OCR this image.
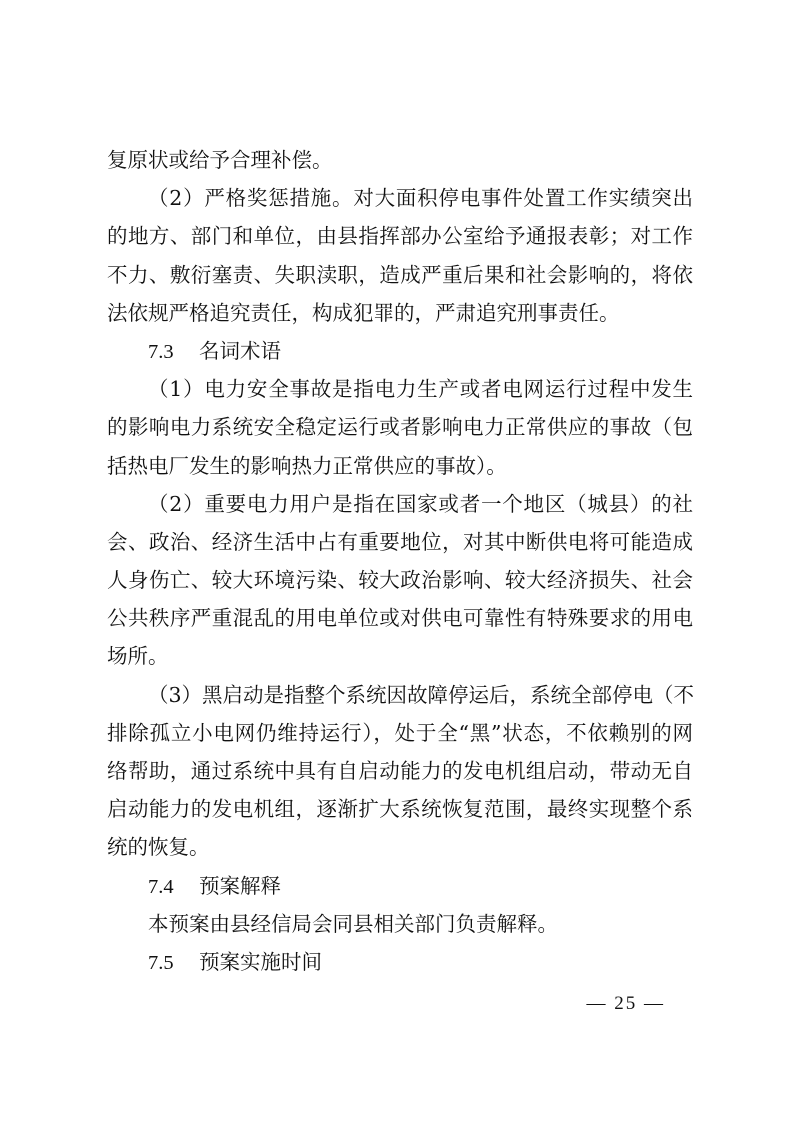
复原状或给予合理补偿。
（2）严格奖惩措施。对大面积停电事件处置工作实绩突出
的地方、部门和单位，由县指挥部办公室给予通报表彰；对工作
不力、敷衍塞责、失职渎职，造成严重后果和社会影响的，将依
法依规严格追究责任，构成犯罪的，严肃追究刑事责任。
7.3 名词术语
（1）电力安全事故是指电力生产或者电网运行过程中发生
的影响电力系统安全稳定运行或者影响电力正常供应的事故（包
括热电厂发生的影响热力正常供应的事故）。
（2）重要电力用户是指在国家或者一个地区（城县）的社
会、政治、经济生活中占有重要地位，对其中断供电将可能造成
人身伤亡、较大环境污染、较大政治影响、较大经济损失、社会
公共秩序严重混乱的用电单位或对供电可靠性有特殊要求的用电
场所。
（3）黑启动是指整个系统因故障停运后，系统全部停电（不
排除孤立小电网仍维持运行），处于全“黑”状态，不依赖别的网
络帮助，通过系统中具有自启动能力的发电机组启动，带动无自
启动能力的发电机组，逐渐扩大系统恢复范围，最终实现整个系
统的恢复。
7.4 预案解释
本预案由县经信局会同县相关部门负责解释。
7.5 预案实施时间
— 25 —
